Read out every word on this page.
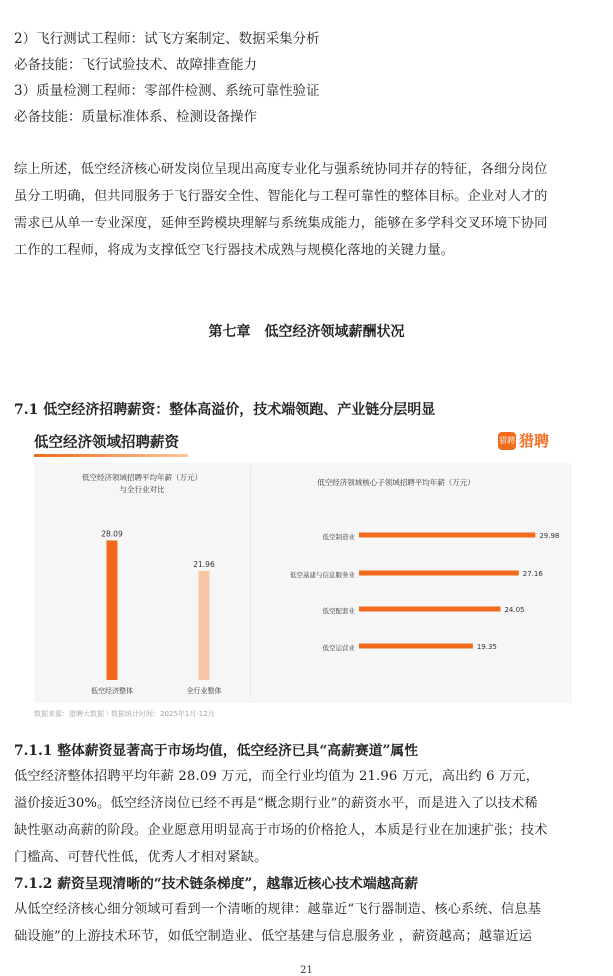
2）飞行测试工程师：试飞方案制定、数据采集分析
必备技能：飞行试验技术、故障排查能力
3）质量检测工程师：零部件检测、系统可靠性验证
必备技能：质量标准体系、检测设备操作
综上所述，低空经济核心研发岗位呈现出高度专业化与强系统协同并存的特征，各细分岗位
虽分工明确，但共同服务于飞行器安全性、智能化与工程可靠性的整体目标。企业对人才的
需求已从单一专业深度，延伸至跨模块理解与系统集成能力，能够在多学科交叉环境下协同
工作的工程师，将成为支撑低空飞行器技术成熟与规模化落地的关键力量。
第七章　低空经济领域薪酬状况
7.1 低空经济招聘薪资：整体高溢价，技术端领跑、产业链分层明显
低空经济领域招聘薪资	猎聘 猎聘
低空经济领域招聘平均年薪（万元）
与全行业对比
28.09
低空经济整体
21.96
全行业整体
低空经济领域核心子领域招聘平均年薪（万元）
低空制造业	29.98
低空基建与信息服务业	27.16
低空配套业	24.05
低空运营业	19.35
数据来源：猎聘大数据｜数据统计时间：2025年1月-12月
7.1.1 整体薪资显著高于市场均值，低空经济已具“高薪赛道”属性
低空经济整体招聘平均年薪 28.09 万元，而全行业均值为 21.96 万元，高出约 6 万元，
溢价接近30%。低空经济岗位已经不再是“概念期行业”的薪资水平，而是进入了以技术稀
缺性驱动高薪的阶段。企业愿意用明显高于市场的价格抢人，本质是行业在加速扩张；技术
门槛高、可替代性低，优秀人才相对紧缺。
7.1.2 薪资呈现清晰的“技术链条梯度”，越靠近核心技术端越高薪
从低空经济核心细分领域可看到一个清晰的规律：越靠近“飞行器制造、核心系统、信息基
础设施”的上游技术环节，如低空制造业、低空基建与信息服务业 ，薪资越高；越靠近运
21
